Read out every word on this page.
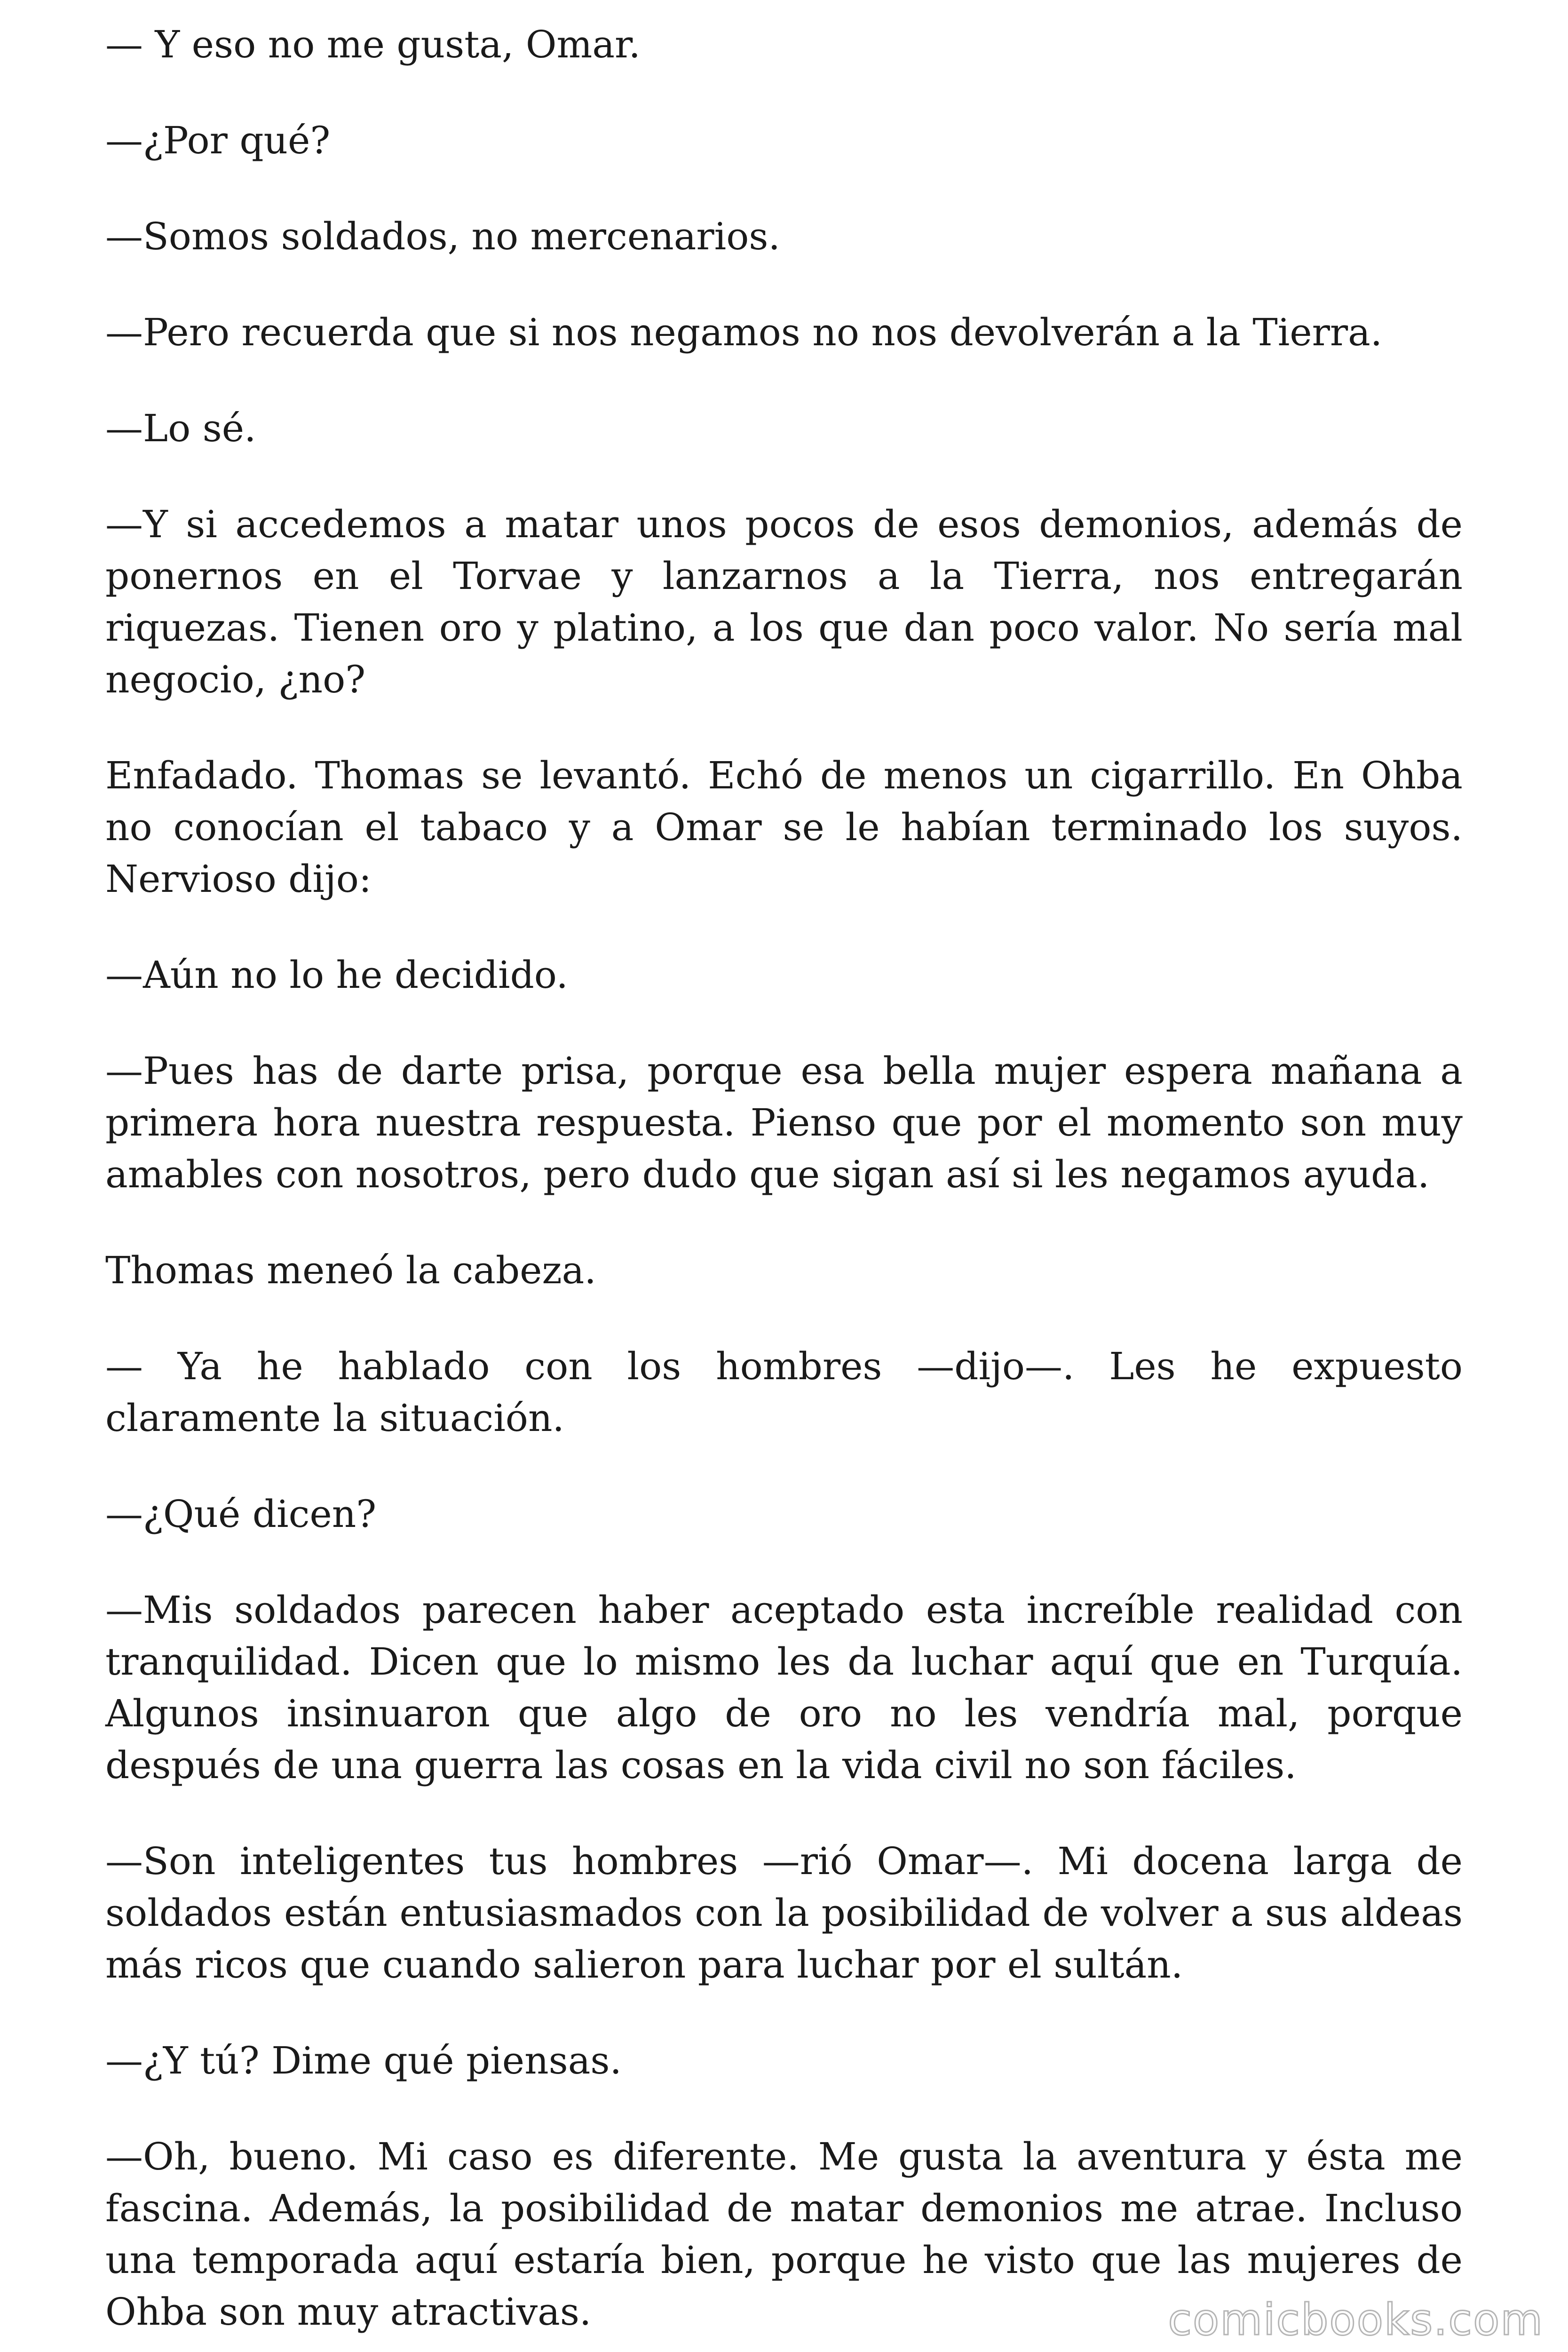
— Y eso no me gusta, Omar.

—¿Por qué?

—Somos soldados, no mercenarios.

—Pero recuerda que si nos negamos no nos devolverán a la Tierra.

—Lo sé.

—Y si accedemos a matar unos pocos de esos demonios, además de ponernos en el Torvae y lanzarnos a la Tierra, nos entregarán riquezas. Tienen oro y platino, a los que dan poco valor. No sería mal negocio, ¿no?

Enfadado. Thomas se levantó. Echó de menos un cigarrillo. En Ohba no conocían el tabaco y a Omar se le habían terminado los suyos. Nervioso dijo:

—Aún no lo he decidido.

—Pues has de darte prisa, porque esa bella mujer espera mañana a primera hora nuestra respuesta. Pienso que por el momento son muy amables con nosotros, pero dudo que sigan así si les negamos ayuda.

Thomas meneó la cabeza.

— Ya he hablado con los hombres —dijo—. Les he expuesto claramente la situación.

—¿Qué dicen?

—Mis soldados parecen haber aceptado esta increíble realidad con tranquilidad. Dicen que lo mismo les da luchar aquí que en Turquía. Algunos insinuaron que algo de oro no les vendría mal, porque después de una guerra las cosas en la vida civil no son fáciles.

—Son inteligentes tus hombres —rió Omar—. Mi docena larga de soldados están entusiasmados con la posibilidad de volver a sus aldeas más ricos que cuando salieron para luchar por el sultán.

—¿Y tú? Dime qué piensas.

—Oh, bueno. Mi caso es diferente. Me gusta la aventura y ésta me fascina. Además, la posibilidad de matar demonios me atrae. Incluso una temporada aquí estaría bien, porque he visto que las mujeres de Ohba son muy atractivas.	comicbooks.com
